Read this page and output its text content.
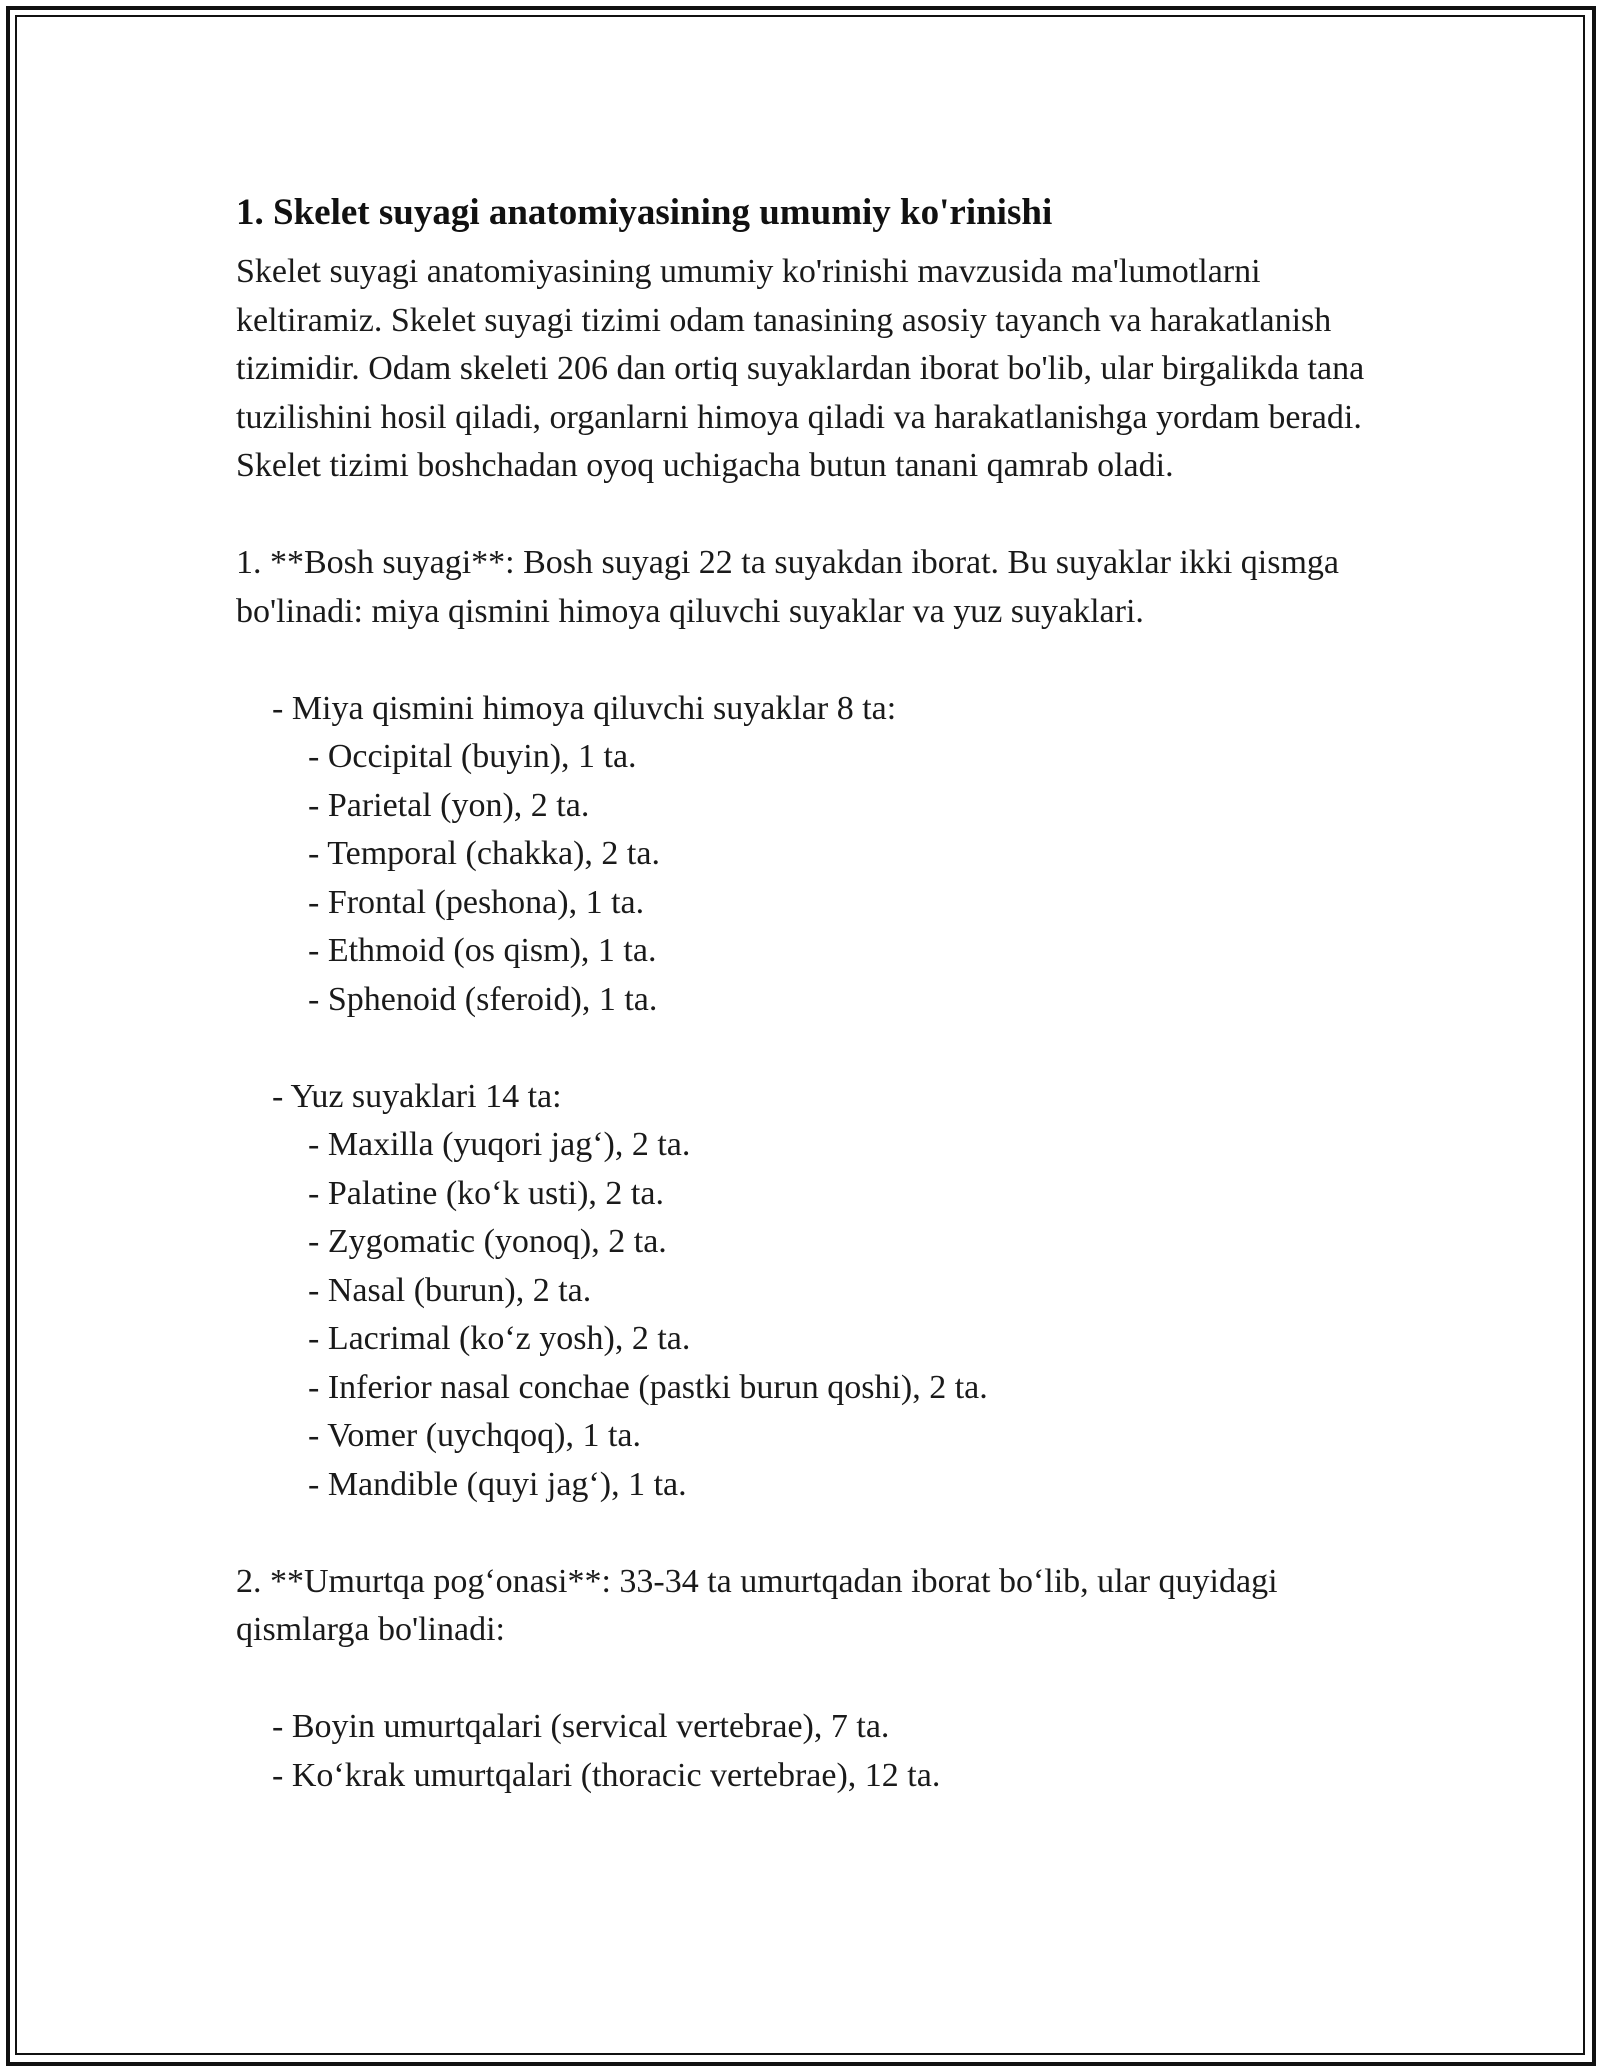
1. Skelet suyagi anatomiyasining umumiy ko'rinishi

Skelet suyagi anatomiyasining umumiy ko'rinishi mavzusida ma'lumotlarni keltiramiz. Skelet suyagi tizimi odam tanasining asosiy tayanch va harakatlanish tizimidir. Odam skeleti 206 dan ortiq suyaklardan iborat bo'lib, ular birgalikda tana tuzilishini hosil qiladi, organlarni himoya qiladi va harakatlanishga yordam beradi. Skelet tizimi boshchadan oyoq uchigacha butun tanani qamrab oladi.

1. **Bosh suyagi**: Bosh suyagi 22 ta suyakdan iborat. Bu suyaklar ikki qismga bo'linadi: miya qismini himoya qiluvchi suyaklar va yuz suyaklari.

- Miya qismini himoya qiluvchi suyaklar 8 ta:

- Occipital (buyin), 1 ta.

- Parietal (yon), 2 ta.

- Temporal (chakka), 2 ta.

- Frontal (peshona), 1 ta.

- Ethmoid (os qism), 1 ta.

- Sphenoid (sferoid), 1 ta.

- Yuz suyaklari 14 ta:

- Maxilla (yuqori jag‘), 2 ta.

- Palatine (ko‘k usti), 2 ta.

- Zygomatic (yonoq), 2 ta.

- Nasal (burun), 2 ta.

- Lacrimal (ko‘z yosh), 2 ta.

- Inferior nasal conchae (pastki burun qoshi), 2 ta.

- Vomer (uychqoq), 1 ta.

- Mandible (quyi jag‘), 1 ta.

2. **Umurtqa pog‘onasi**: 33-34 ta umurtqadan iborat bo‘lib, ular quyidagi qismlarga bo'linadi:

- Boyin umurtqalari (servical vertebrae), 7 ta.

- Ko‘krak umurtqalari (thoracic vertebrae), 12 ta.
